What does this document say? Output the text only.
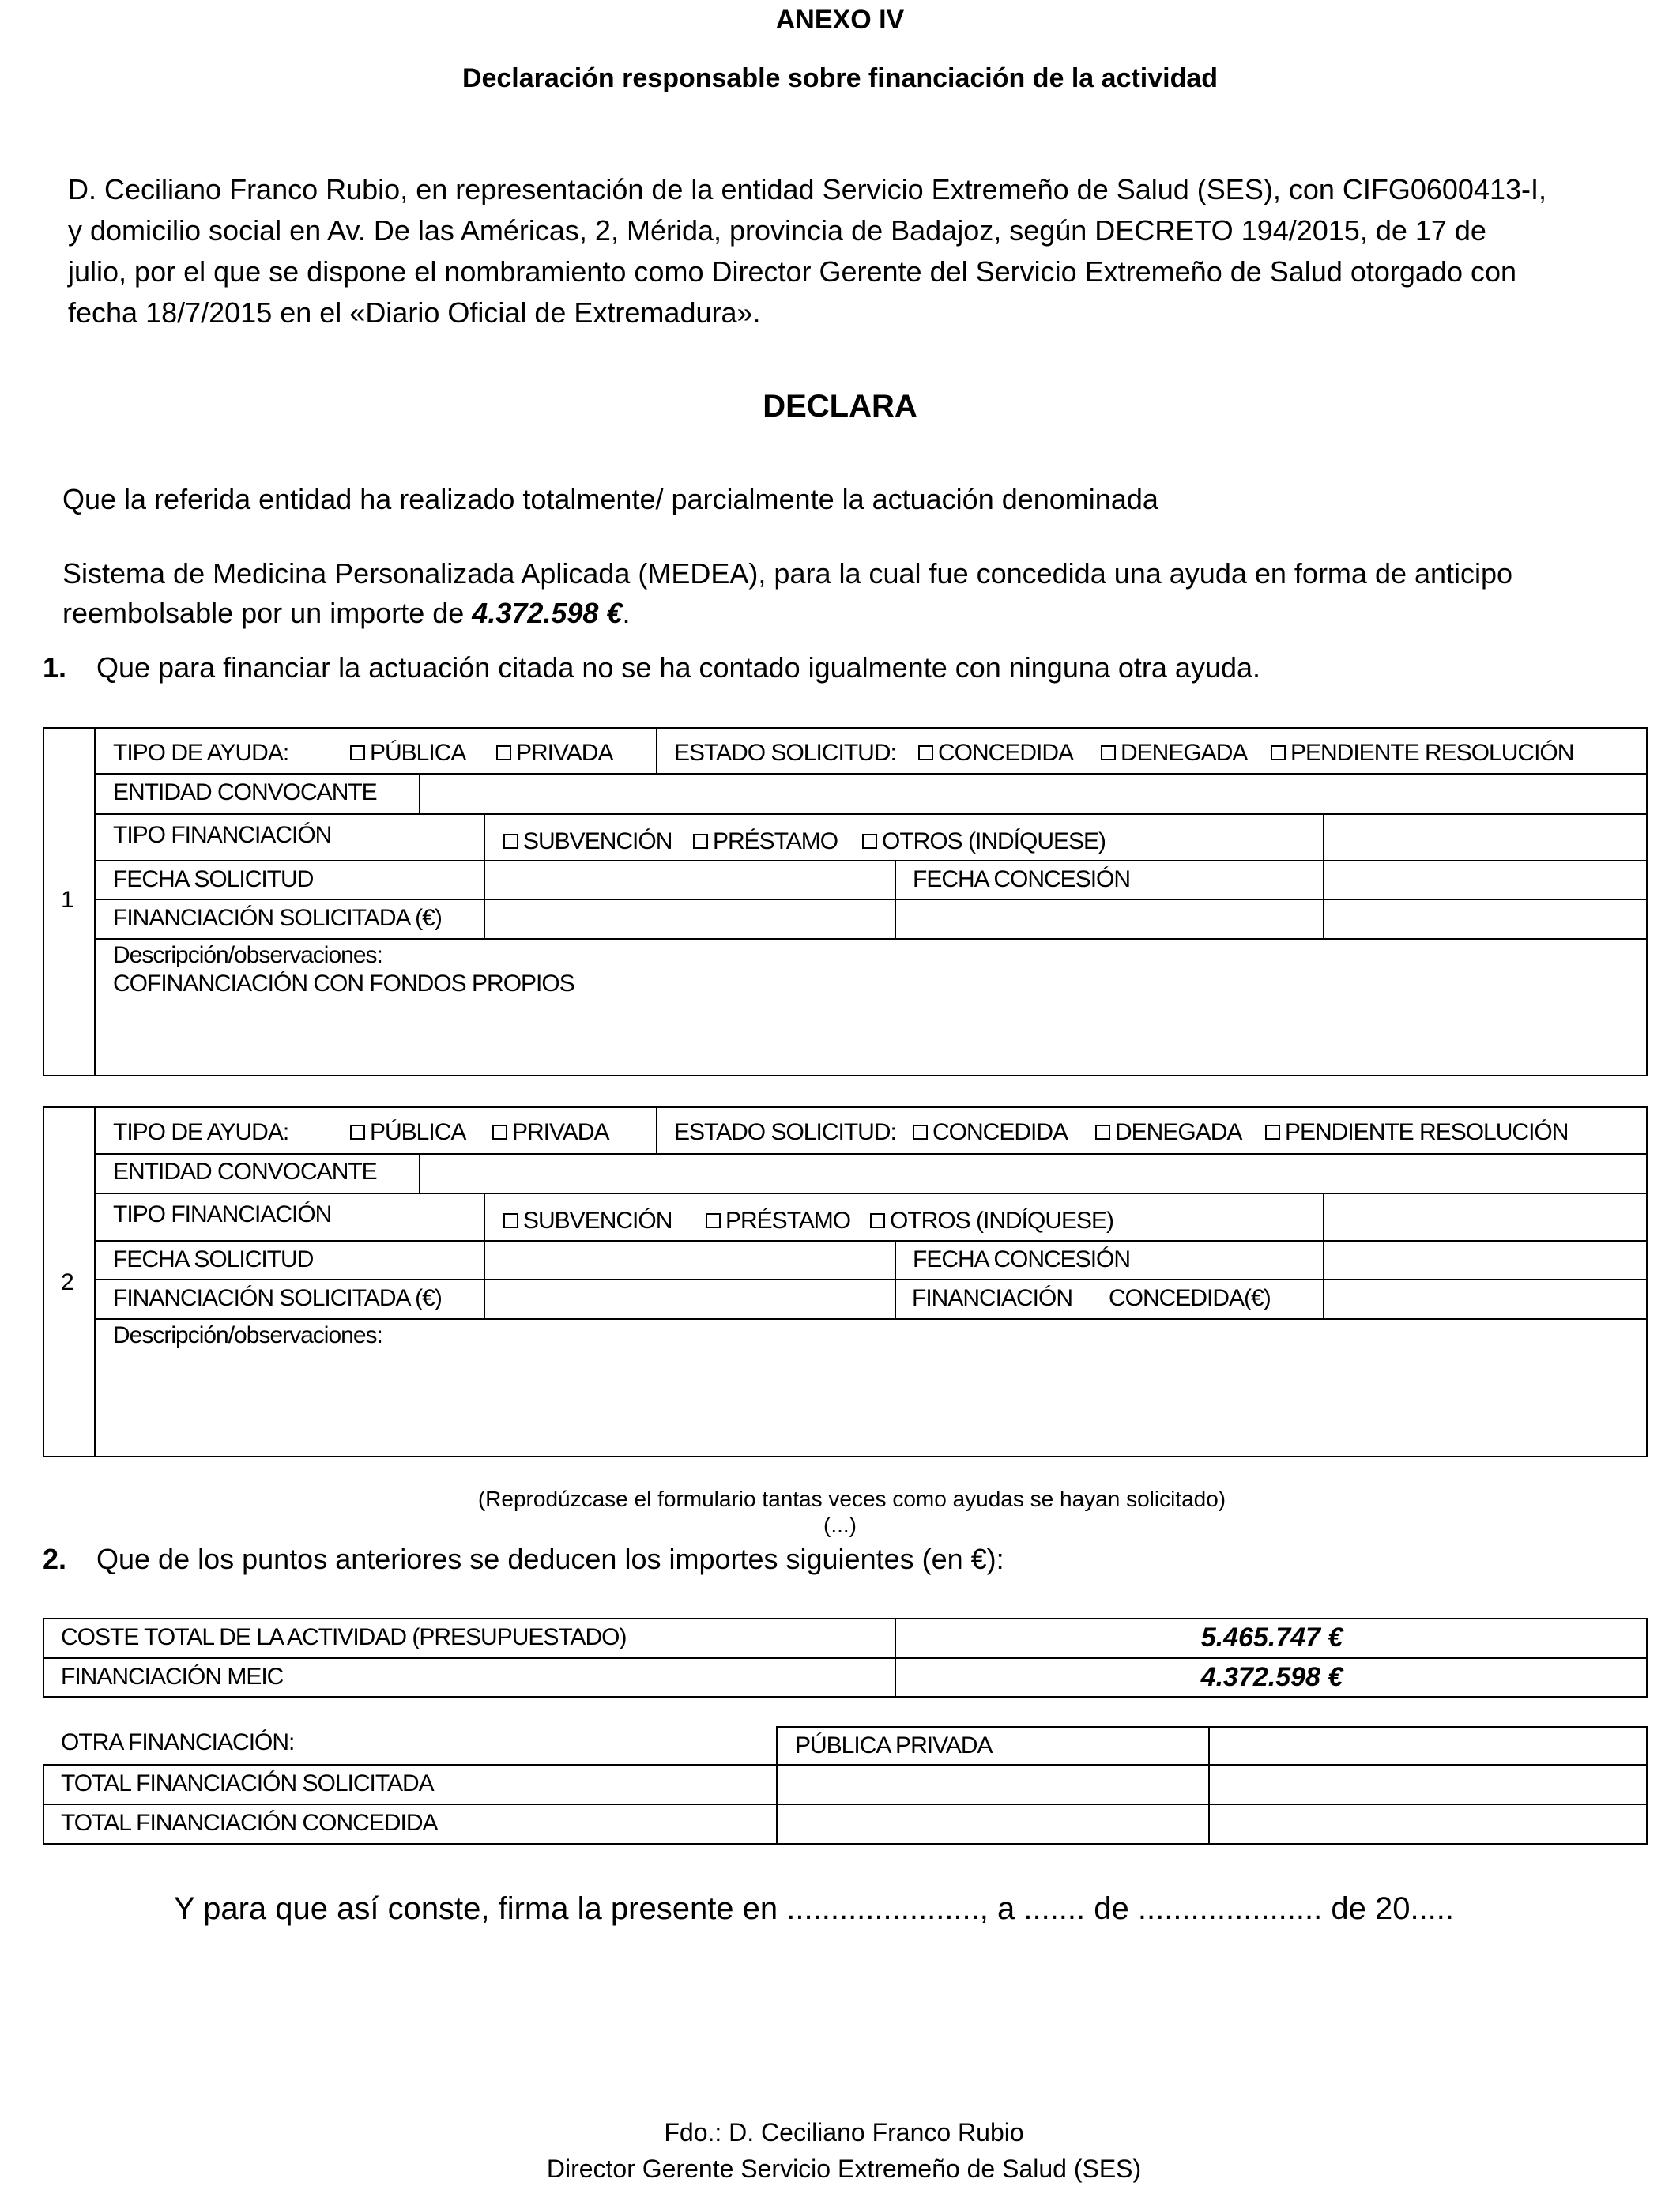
ANEXO IV
Declaración responsable sobre financiación de la actividad
D. Ceciliano Franco Rubio, en representación de la entidad Servicio Extremeño de Salud (SES), con CIFG0600413-I,
y domicilio social en Av. De las Américas, 2, Mérida, provincia de Badajoz, según DECRETO 194/2015, de 17 de
julio, por el que se dispone el nombramiento como Director Gerente del Servicio Extremeño de Salud otorgado con
fecha 18/7/2015 en el «Diario Oficial de Extremadura».
DECLARA
Que la referida entidad ha realizado totalmente/ parcialmente la actuación denominada
Sistema de Medicina Personalizada Aplicada (MEDEA), para la cual fue concedida una ayuda en forma de anticipo
reembolsable por un importe de 4.372.598 €.
1. Que para financiar la actuación citada no se ha contado igualmente con ninguna otra ayuda.
1
TIPO DE AYUDA:	PÚBLICA	PRIVADA	ESTADO SOLICITUD:	CONCEDIDA	DENEGADA	PENDIENTE RESOLUCIÓN
ENTIDAD CONVOCANTE
TIPO FINANCIACIÓN	SUBVENCIÓN	PRÉSTAMO	OTROS (INDÍQUESE)
FECHA SOLICITUD	FECHA CONCESIÓN
FINANCIACIÓN SOLICITADA (€)
Descripción/observaciones:
COFINANCIACIÓN CON FONDOS PROPIOS
2
TIPO DE AYUDA:	PÚBLICA	PRIVADA	ESTADO SOLICITUD:	CONCEDIDA	DENEGADA	PENDIENTE RESOLUCIÓN
ENTIDAD CONVOCANTE
TIPO FINANCIACIÓN	SUBVENCIÓN	PRÉSTAMO	OTROS (INDÍQUESE)
FECHA SOLICITUD	FECHA CONCESIÓN
FINANCIACIÓN SOLICITADA (€)	FINANCIACIÓN CONCEDIDA(€)
Descripción/observaciones:
(Reprodúzcase el formulario tantas veces como ayudas se hayan solicitado)
(...)
2. Que de los puntos anteriores se deducen los importes siguientes (en €):
COSTE TOTAL DE LA ACTIVIDAD (PRESUPUESTADO)	5.465.747 €
FINANCIACIÓN MEIC	4.372.598 €
OTRA FINANCIACIÓN:	PÚBLICA PRIVADA
TOTAL FINANCIACIÓN SOLICITADA
TOTAL FINANCIACIÓN CONCEDIDA
Y para que así conste, firma la presente en ......................, a ....... de ..................... de 20.....
Fdo.: D. Ceciliano Franco Rubio
Director Gerente Servicio Extremeño de Salud (SES)
